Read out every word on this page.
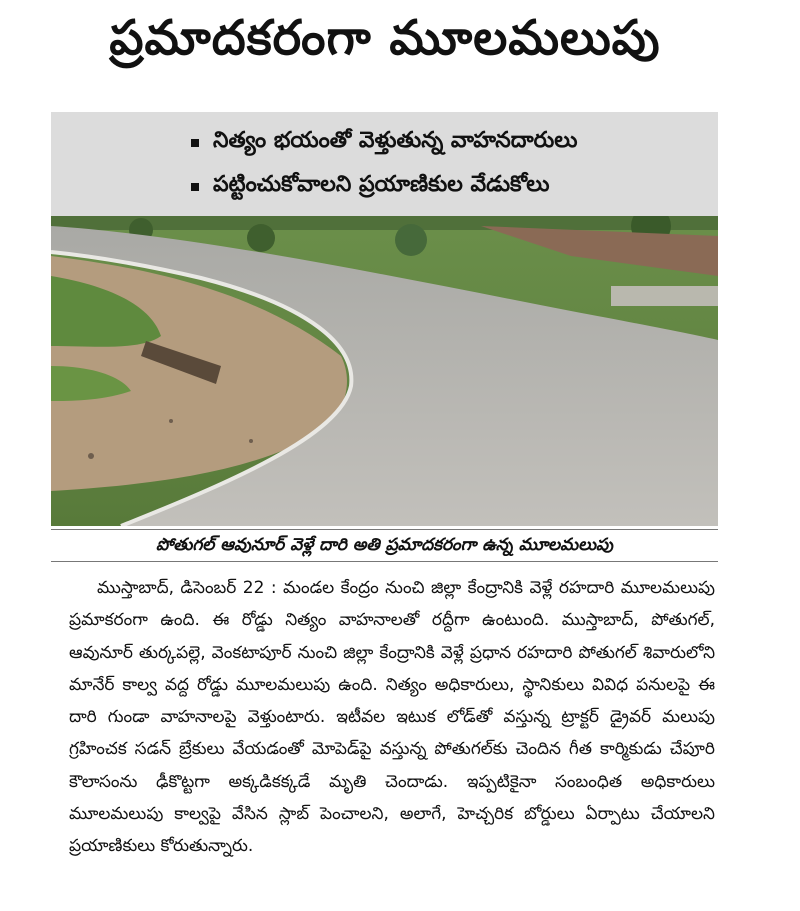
ప్రమాదకరంగా మూలమలుపు
నిత్యం భయంతో వెళ్తుతున్న వాహనదారులు
పట్టించుకోవాలని ప్రయాణికుల వేడుకోలు
పోతుగల్ ఆవునూర్ వెళ్లే దారి అతి ప్రమాదకరంగా ఉన్న మూలమలుపు

ముస్తాబాద్, డిసెంబర్ 22 : మండల కేంద్రం నుంచి జిల్లా కేంద్రానికి వెళ్లే రహదారి మూలమలుపు ప్రమాకరంగా ఉంది. ఈ రోడ్డు నిత్యం వాహనాలతో రద్దీగా ఉంటుంది. ముస్తాబాద్, పోతుగల్, ఆవునూర్ తుర్కపల్లె, వెంకటాపూర్ నుంచి జిల్లా కేంద్రానికి వెళ్లే ప్రధాన రహదారి పోతుగల్ శివారులోని మానేర్ కాల్వ వద్ద రోడ్డు మూలమలుపు ఉంది. నిత్యం అధికారులు, స్థానికులు వివిధ పనులపై ఈ దారి గుండా వాహనాలపై వెళ్తుంటారు. ఇటీవల ఇటుక లోడ్‌తో వస్తున్న ట్రాక్టర్ డ్రైవర్ మలుపు గ్రహించక సడన్ బ్రేకులు వేయడంతో మోపెడ్‌పై వస్తున్న పోతుగల్‌కు చెందిన గీత కార్మికుడు చేపూరి కౌలాసంను ఢీకొట్టగా అక్కడికక్కడే మృతి చెందాడు. ఇప్పటికైనా సంబంధిత అధికారులు మూలమలుపు కాల్వపై వేసిన స్లాబ్ పెంచాలని, అలాగే, హెచ్చరిక బోర్డులు ఏర్పాటు చేయాలని ప్రయాణికులు కోరుతున్నారు.
